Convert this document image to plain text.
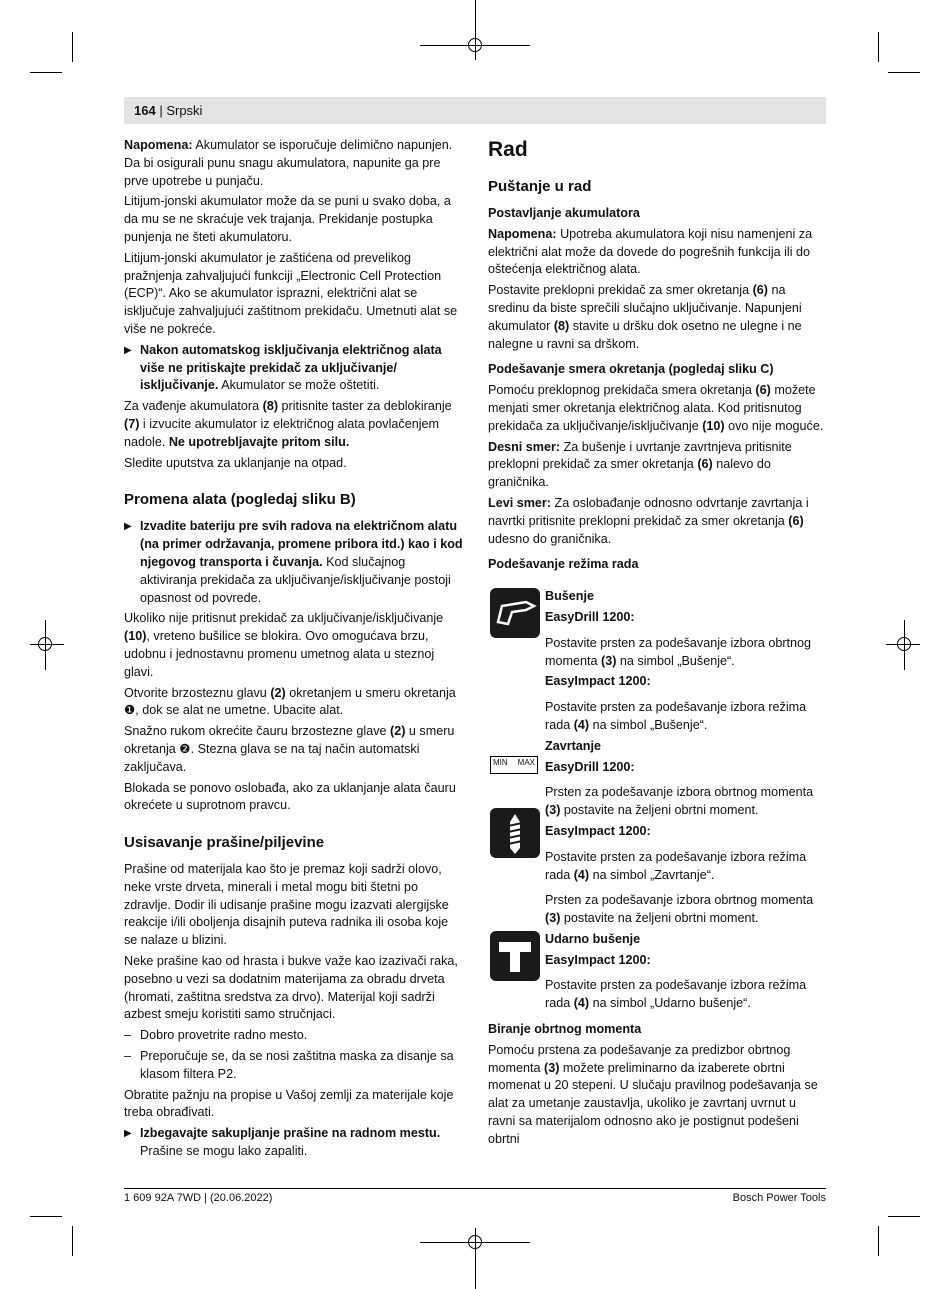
164 | Srpski

Napomena: Akumulator se isporučuje delimično napunjen. Da bi osigurali punu snagu akumulatora, napunite ga pre prve upotrebe u punjaču.

Litijum-jonski akumulator može da se puni u svako doba, a da mu se ne skraćuje vek trajanja. Prekidanje postupka punjenja ne šteti akumulatoru.

Litijum-jonski akumulator je zaštićena od prevelikog pražnjenja zahvaljujući funkciji „Electronic Cell Protection (ECP)“. Ako se akumulator isprazni, električni alat se isključuje zahvaljujući zaštitnom prekidaču. Umetnuti alat se više ne pokreće.

▶ Nakon automatskog isključivanja električnog alata više ne pritiskajte prekidač za uključivanje/ isključivanje. Akumulator se može oštetiti.

Za vađenje akumulatora (8) pritisnite taster za deblokiranje (7) i izvucite akumulator iz električnog alata povlačenjem nadole. Ne upotrebljavajte pritom silu.

Sledite uputstva za uklanjanje na otpad.

Promena alata (pogledaj sliku B)
▶ Izvadite bateriju pre svih radova na električnom alatu (na primer održavanja, promene pribora itd.) kao i kod njegovog transporta i čuvanja. Kod slučajnog aktiviranja prekidača za uključivanje/isključivanje postoji opasnost od povrede.

Ukoliko nije pritisnut prekidač za uključivanje/isključivanje (10), vreteno bušilice se blokira. Ovo omogućava brzu, udobnu i jednostavnu promenu umetnog alata u steznoj glavi.

Otvorite brzosteznu glavu (2) okretanjem u smeru okretanja ❶, dok se alat ne umetne. Ubacite alat.

Snažno rukom okrećite čauru brzostezne glave (2) u smeru okretanja ❷. Stezna glava se na taj način automatski zaključava.

Blokada se ponovo oslobađa, ako za uklanjanje alata čauru okrećete u suprotnom pravcu.

Usisavanje prašine/piljevine

Prašine od materijala kao što je premaz koji sadrži olovo, neke vrste drveta, minerali i metal mogu biti štetni po zdravlje. Dodir ili udisanje prašine mogu izazvati alergijske reakcije i/ili oboljenja disajnih puteva radnika ili osoba koje se nalaze u blizini.

Neke prašine kao od hrasta i bukve važe kao izazivači raka, posebno u vezi sa dodatnim materijama za obradu drveta (hromati, zaštitna sredstva za drvo). Materijal koji sadrži azbest smeju koristiti samo stručnjaci.

– Dobro provetrite radno mesto.
– Preporučuje se, da se nosi zaštitna maska za disanje sa klasom filtera P2.

Obratite pažnju na propise u Vašoj zemlji za materijale koje treba obrađivati.

▶ Izbegavajte sakupljanje prašine na radnom mestu. Prašine se mogu lako zapaliti.
Rad
Puštanje u rad
Postavljanje akumulatora

Napomena: Upotreba akumulatora koji nisu namenjeni za električni alat može da dovede do pogrešnih funkcija ili do oštećenja električnog alata.

Postavite preklopni prekidač za smer okretanja (6) na sredinu da biste sprečili slučajno uključivanje. Napunjeni akumulator (8) stavite u dršku dok osetno ne ulegne i ne nalegne u ravni sa drškom.

Podešavanje smera okretanja (pogledaj sliku C)

Pomoću preklopnog prekidača smera okretanja (6) možete menjati smer okretanja električnog alata. Kod pritisnutog prekidača za uključivanje/isključivanje (10) ovo nije moguće.

Desni smer: Za bušenje i uvrtanje zavrtnjeva pritisnite preklopni prekidač za smer okretanja (6) nalevo do graničnika.

Levi smer: Za oslobađanje odnosno odvrtanje zavrtanja i navrtki pritisnite preklopni prekidač za smer okretanja (6) udesno do graničnika.

Podešavanje režima rada

Bušenje

EasyDrill 1200:

Postavite prsten za podešavanje izbora obrtnog momenta (3) na simbol „Bušenje“.

EasyImpact 1200:

Postavite prsten za podešavanje izbora režima rada (4) na simbol „Bušenje“.

MIN MAX

Zavrtanje

EasyDrill 1200:

Prsten za podešavanje izbora obrtnog momenta (3) postavite na željeni obrtni moment.

EasyImpact 1200:

Postavite prsten za podešavanje izbora režima rada (4) na simbol „Zavrtanje“.

Prsten za podešavanje izbora obrtnog momenta (3) postavite na željeni obrtni moment.

Udarno bušenje

EasyImpact 1200:

Postavite prsten za podešavanje izbora režima rada (4) na simbol „Udarno bušenje“.

Biranje obrtnog momenta

Pomoću prstena za podešavanje za predizbor obrtnog momenta (3) možete preliminarno da izaberete obrtni momenat u 20 stepeni. U slučaju pravilnog podešavanja se alat za umetanje zaustavlja, ukoliko je zavrtanj uvrnut u ravni sa materijalom odnosno ako je postignut podešeni obrtni

1 609 92A 7WD | (20.06.2022)	Bosch Power Tools
